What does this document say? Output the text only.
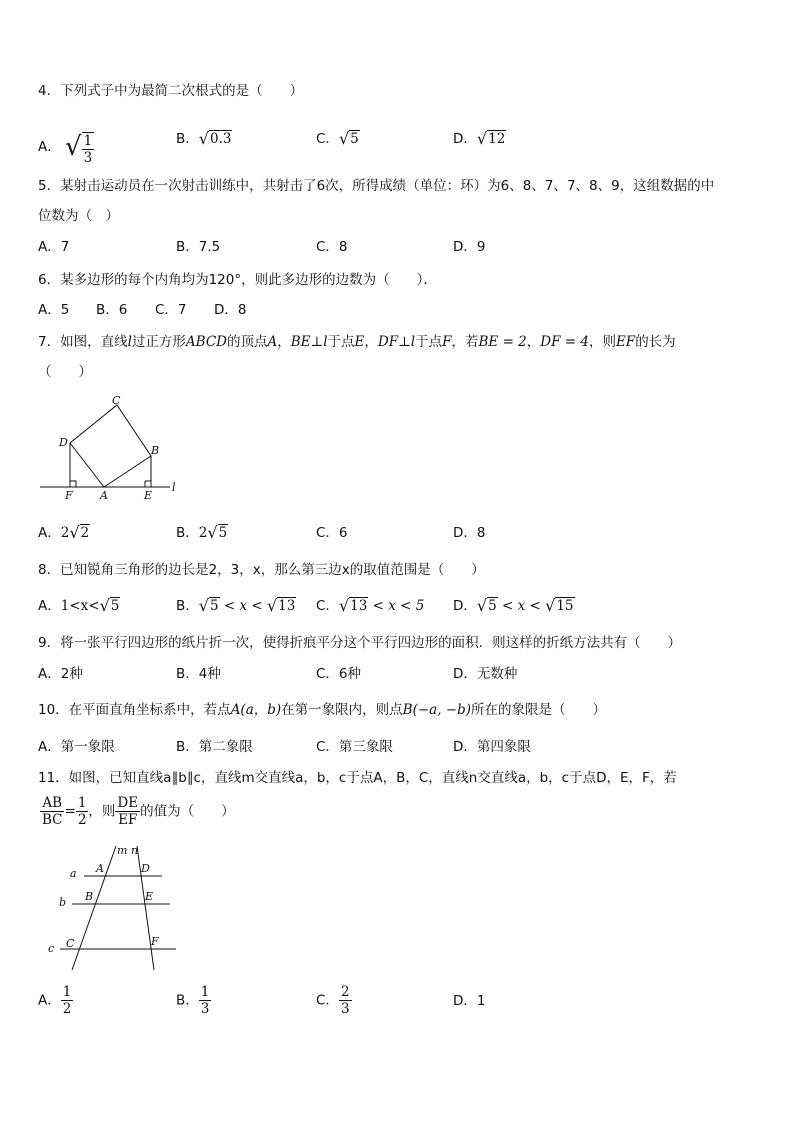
4．下列式子中为最简二次根式的是（　　）
A． √ $\frac{1}{3}$	B． √ 0.3	C． √ 5	D． √ 12
5．某射击运动员在一次射击训练中，共射击了6次，所得成绩（单位：环）为6、8、7、7、8、9，这组数据的中
位数为（　）
A．7	B．7.5	C．8	D．9
6．某多边形的每个内角均为120°，则此多边形的边数为（　　）．
A．5 B．6 C．7 D．8
7．如图，直线l过正方形ABCD的顶点A，BE⊥l于点E，DF⊥l于点F，若BE = 2，DF = 4，则EF的长为
（　　）
C
D
B
F A	E
l
A．2 √ 2	B．2 √ 5	C．6	D．8
8．已知锐角三角形的边长是2，3，x，那么第三边x的取值范围是（　　）
A．1<x< √ 5	B． √ 5 < x < √ 13 C． √ 13 < x < 5 D． √ 5 < x < √ 15
9．将一张平行四边形的纸片折一次，使得折痕平分这个平行四边形的面积．则这样的折纸方法共有（　　）
A．2种	B．4种	C．6种	D．无数种
10．在平面直角坐标系中，若点A(a，b)在第一象限内，则点B(−a, −b)所在的象限是（　　）
A．第一象限	B．第二象限	C．第三象限	D．第四象限
11．如图，已知直线a∥b∥c，直线m交直线a，b，c于点A，B，C，直线n交直线a，b，c于点D，E，F，若
$\frac{AB}{BC} = \frac{1}{2}$ ，则 $\frac{DE}{EF}$ 的值为（　　）
a
b
c
m n
A	D
B	E
C	F
A． $\frac{1}{2}$	B． $\frac{1}{3}$	C． $\frac{2}{3}$	D．1
